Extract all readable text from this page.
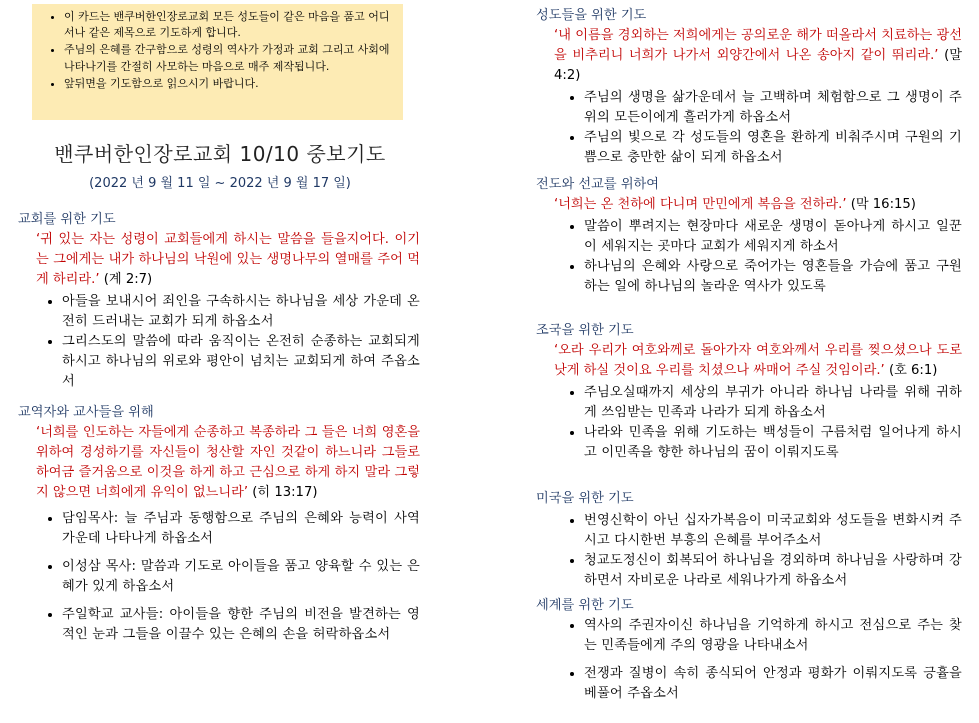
• 이 카드는 밴쿠버한인장로교회 모든 성도들이 같은 마음을 품고 어디서나 같은 제목으로 기도하게 합니다.
• 주님의 은혜를 간구함으로 성령의 역사가 가정과 교회 그리고 사회에 나타나기를 간절히 사모하는 마음으로 매주 제작됩니다.
• 앞뒤면을 기도함으로 읽으시기 바랍니다.
밴쿠버한인장로교회 10/10 중보기도
(2022 년 9 월 11 일 ~ 2022 년 9 월 17 일)

교회를 위한 기도

‘귀 있는 자는 성령이 교회들에게 하시는 말씀을 들을지어다. 이기는 그에게는 내가 하나님의 낙원에 있는 생명나무의 열매를 주어 먹게 하리라.’ (계 2:7)

• 아들을 보내시어 죄인을 구속하시는 하나님을 세상 가운데 온전히 드러내는 교회가 되게 하옵소서
• 그리스도의 말씀에 따라 움직이는 온전히 순종하는 교회되게 하시고 하나님의 위로와 평안이 넘치는 교회되게 하여 주옵소서

교역자와 교사들을 위해

‘너희를 인도하는 자들에게 순종하고 복종하라 그 들은 너희 영혼을 위하여 경성하기를 자신들이 청산할 자인 것같이 하느니라 그들로 하여금 즐거움으로 이것을 하게 하고 근심으로 하게 하지 말라 그렇지 않으면 너희에게 유익이 없느니라’ (히 13:17)

• 담임목사: 늘 주님과 동행함으로 주님의 은혜와 능력이 사역가운데 나타나게 하옵소서
• 이성삼 목사: 말씀과 기도로 아이들을 품고 양육할 수 있는 은혜가 있게 하옵소서
• 주일학교 교사들: 아이들을 향한 주님의 비전을 발견하는 영적인 눈과 그들을 이끌수 있는 은혜의 손을 허락하옵소서

성도들을 위한 기도

‘내 이름을 경외하는 저희에게는 공의로운 해가 떠올라서 치료하는 광선을 비추리니 너희가 나가서 외양간에서 나온 송아지 같이 뛰리라.’ (말 4:2)

• 주님의 생명을 삶가운데서 늘 고백하며 체험함으로 그 생명이 주위의 모든이에게 흘러가게 하옵소서
• 주님의 빛으로 각 성도들의 영혼을 환하게 비춰주시며 구원의 기쁨으로 충만한 삶이 되게 하옵소서

전도와 선교를 위하여

‘너희는 온 천하에 다니며 만민에게 복음을 전하라.’ (막 16:15)

• 말씀이 뿌려지는 현장마다 새로운 생명이 돋아나게 하시고 일꾼이 세워지는 곳마다 교회가 세워지게 하소서
• 하나님의 은혜와 사랑으로 죽어가는 영혼들을 가슴에 품고 구원하는 일에 하나님의 놀라운 역사가 있도록

조국을 위한 기도

‘오라 우리가 여호와께로 돌아가자 여호와께서 우리를 찢으셨으나 도로 낫게 하실 것이요 우리를 치셨으나 싸매어 주실 것임이라.’ (호 6:1)

• 주님오실때까지 세상의 부귀가 아니라 하나님 나라를 위해 귀하게 쓰임받는 민족과 나라가 되게 하옵소서
• 나라와 민족을 위해 기도하는 백성들이 구름처럼 일어나게 하시고 이민족을 향한 하나님의 꿈이 이뤄지도록

미국을 위한 기도

• 번영신학이 아닌 십자가복음이 미국교회와 성도들을 변화시켜 주시고 다시한번 부흥의 은혜를 부어주소서
• 청교도정신이 회복되어 하나님을 경외하며 하나님을 사랑하며 강하면서 자비로운 나라로 세워나가게 하옵소서

세계를 위한 기도

• 역사의 주권자이신 하나님을 기억하게 하시고 전심으로 주는 찾는 민족들에게 주의 영광을 나타내소서
• 전쟁과 질병이 속히 종식되어 안정과 평화가 이뤄지도록 긍휼을 베풀어 주옵소서
